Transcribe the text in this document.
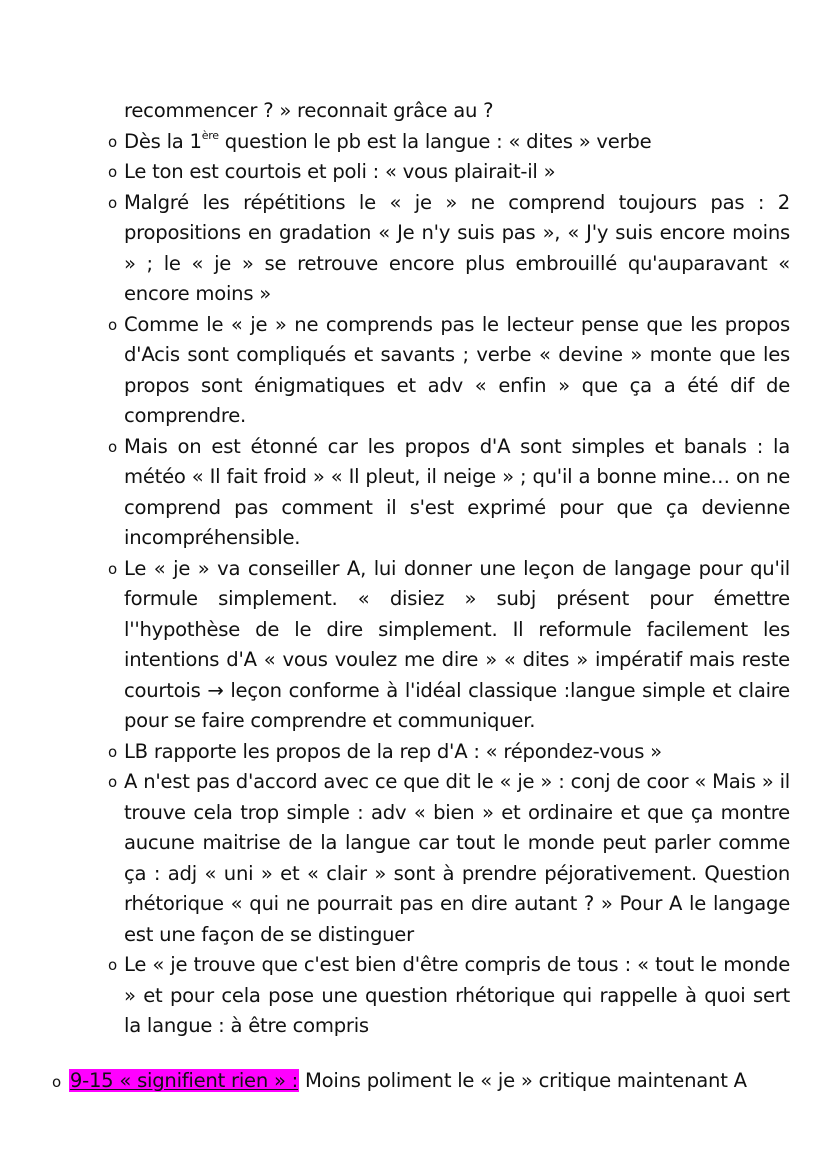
recommencer ? » reconnait grâce au ?

o Dès la 1ère question le pb est la langue : « dites » verbe

o Le ton est courtois et poli : « vous plairait-il »

o Malgré les répétitions le « je » ne comprend toujours pas : 2 propositions en gradation « Je n'y suis pas », « J'y suis encore moins » ; le « je » se retrouve encore plus embrouillé qu'auparavant « encore moins »

o Comme le « je » ne comprends pas le lecteur pense que les propos d'Acis sont compliqués et savants ; verbe « devine » monte que les propos sont énigmatiques et adv « enfin » que ça a été dif de comprendre.

o Mais on est étonné car les propos d'A sont simples et banals : la météo « Il fait froid » « Il pleut, il neige » ; qu'il a bonne mine… on ne comprend pas comment il s'est exprimé pour que ça devienne incompréhensible.

o Le « je » va conseiller A, lui donner une leçon de langage pour qu'il formule simplement. « disiez » subj présent pour émettre l''hypothèse de le dire simplement. Il reformule facilement les intentions d'A « vous voulez me dire » « dites » impératif mais reste courtois → leçon conforme à l'idéal classique :langue simple et claire pour se faire comprendre et communiquer.

o LB rapporte les propos de la rep d'A : « répondez-vous »

o A n'est pas d'accord avec ce que dit le « je » : conj de coor « Mais » il trouve cela trop simple : adv « bien » et ordinaire et que ça montre aucune maitrise de la langue car tout le monde peut parler comme ça : adj « uni » et « clair » sont à prendre péjorativement. Question rhétorique « qui ne pourrait pas en dire autant ? » Pour A le langage est une façon de se distinguer

o Le « je trouve que c'est bien d'être compris de tous : « tout le monde » et pour cela pose une question rhétorique qui rappelle à quoi sert la langue : à être compris

o 9-15 « signifient rien » : Moins poliment le « je » critique maintenant A
